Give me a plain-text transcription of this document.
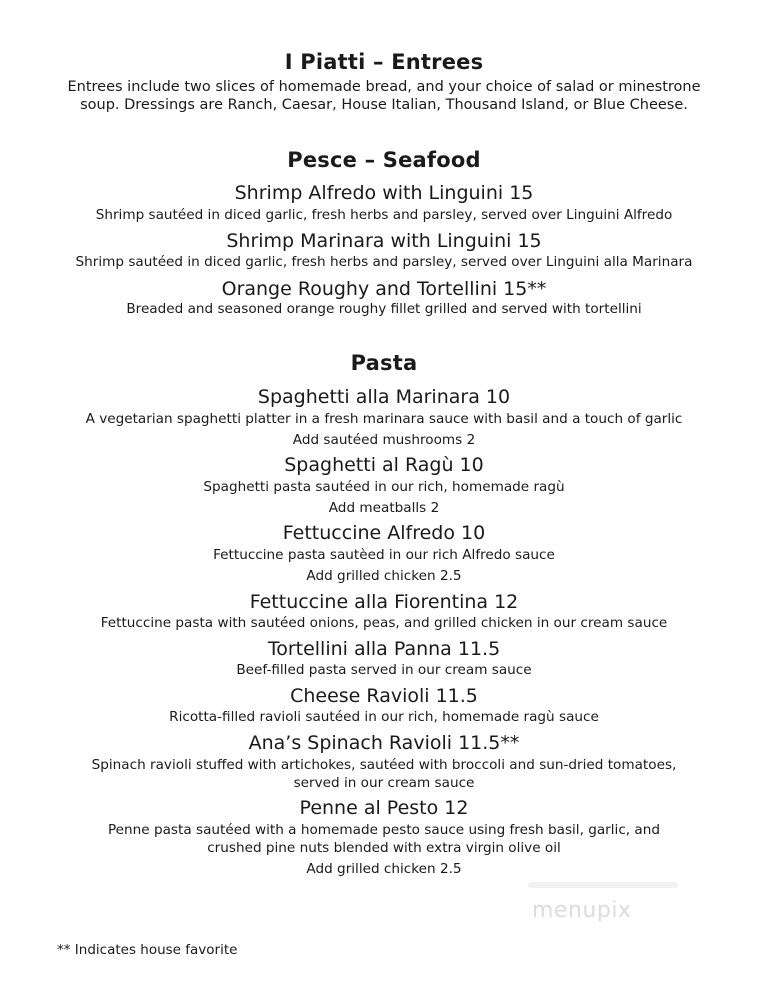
I Piatti – Entrees
Entrees include two slices of homemade bread, and your choice of salad or minestrone
soup. Dressings are Ranch, Caesar, House Italian, Thousand Island, or Blue Cheese.
Pesce – Seafood
Shrimp Alfredo with Linguini 15
Shrimp sautéed in diced garlic, fresh herbs and parsley, served over Linguini Alfredo
Shrimp Marinara with Linguini 15
Shrimp sautéed in diced garlic, fresh herbs and parsley, served over Linguini alla Marinara
Orange Roughy and Tortellini 15**
Breaded and seasoned orange roughy fillet grilled and served with tortellini
Pasta
Spaghetti alla Marinara 10
A vegetarian spaghetti platter in a fresh marinara sauce with basil and a touch of garlic
Add sautéed mushrooms 2
Spaghetti al Ragù 10
Spaghetti pasta sautéed in our rich, homemade ragù
Add meatballs 2
Fettuccine Alfredo 10
Fettuccine pasta sautèed in our rich Alfredo sauce
Add grilled chicken 2.5
Fettuccine alla Fiorentina 12
Fettuccine pasta with sautéed onions, peas, and grilled chicken in our cream sauce
Tortellini alla Panna 11.5
Beef-filled pasta served in our cream sauce
Cheese Ravioli 11.5
Ricotta-filled ravioli sautéed in our rich, homemade ragù sauce
Ana’s Spinach Ravioli 11.5**
Spinach ravioli stuffed with artichokes, sautéed with broccoli and sun-dried tomatoes,
served in our cream sauce
Penne al Pesto 12
Penne pasta sautéed with a homemade pesto sauce using fresh basil, garlic, and
crushed pine nuts blended with extra virgin olive oil
Add grilled chicken 2.5
menupix
** Indicates house favorite
